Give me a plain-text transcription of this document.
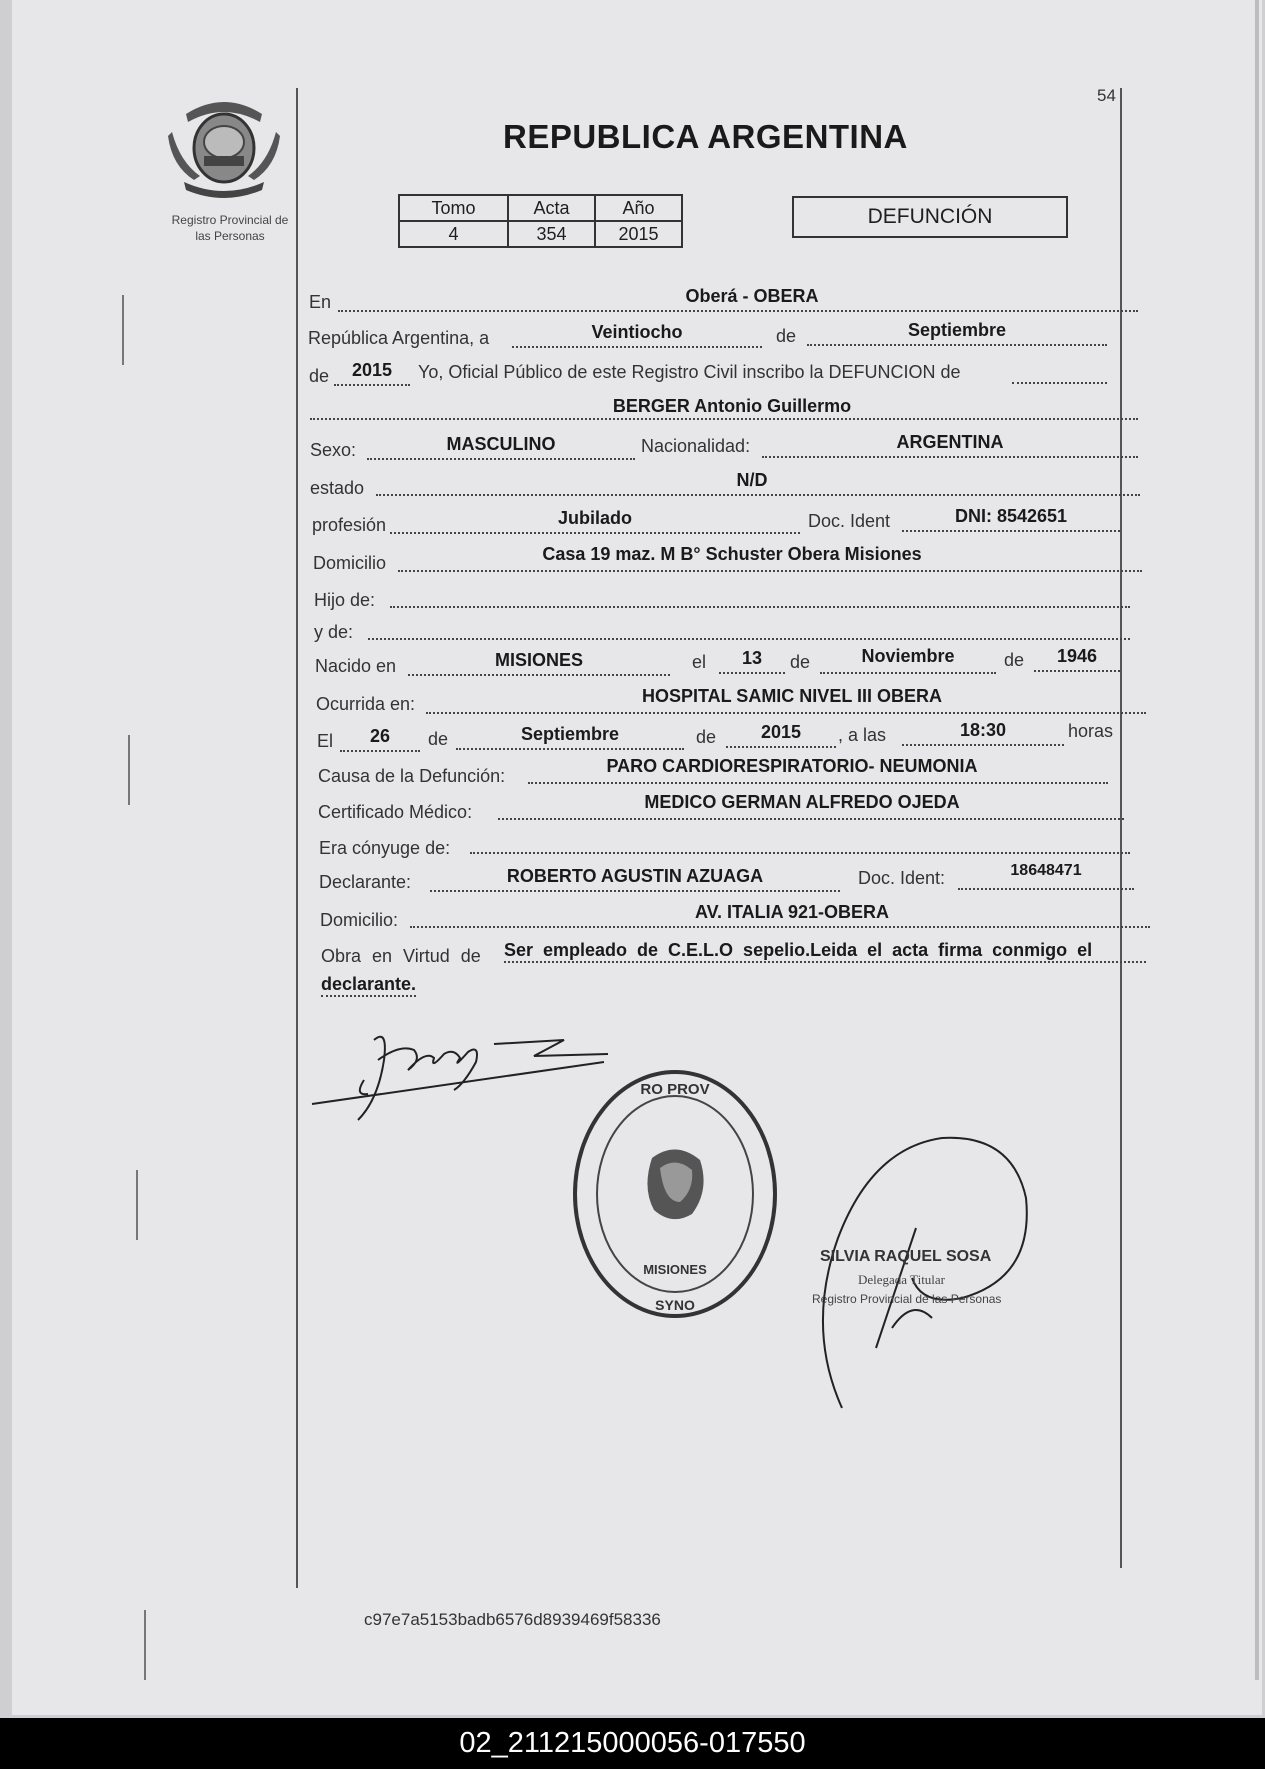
Registro Provincial de
las Personas
54
REPUBLICA ARGENTINA
Tomo	Acta	Año
4	354	2015
DEFUNCIÓN
En	Oberá - OBERA
República Argentina, a	Veintiocho	de	Septiembre
de	2015	Yo, Oficial Público de este Registro Civil inscribo la DEFUNCION de
BERGER Antonio Guillermo
Sexo:	MASCULINO	Nacionalidad:	ARGENTINA
estado	N/D
profesión	Jubilado	Doc. Ident	DNI: 8542651
Domicilio	Casa 19 maz. M B° Schuster Obera Misiones
Hijo de:
y de:
Nacido en	MISIONES	el	13	de	Noviembre	de	1946
Ocurrida en:	HOSPITAL SAMIC NIVEL III OBERA
El	26	de	Septiembre	de	2015	, a las	18:30	horas
Causa de la Defunción:	PARO CARDIORESPIRATORIO- NEUMONIA
Certificado Médico:	MEDICO GERMAN ALFREDO OJEDA
Era cónyuge de:
Declarante:	ROBERTO AGUSTIN AZUAGA	Doc. Ident:	18648471
Domicilio:	AV. ITALIA 921-OBERA
Obra en Virtud de Ser empleado de C.E.L.O sepelio.Leida el acta firma conmigo el
declarante.
RO PROV
SYNO
MISIONES
SILVIA RAQUEL SOSA
Delegada Titular
Registro Provincial de las Personas
c97e7a5153badb6576d8939469f58336
02_211215000056-017550
